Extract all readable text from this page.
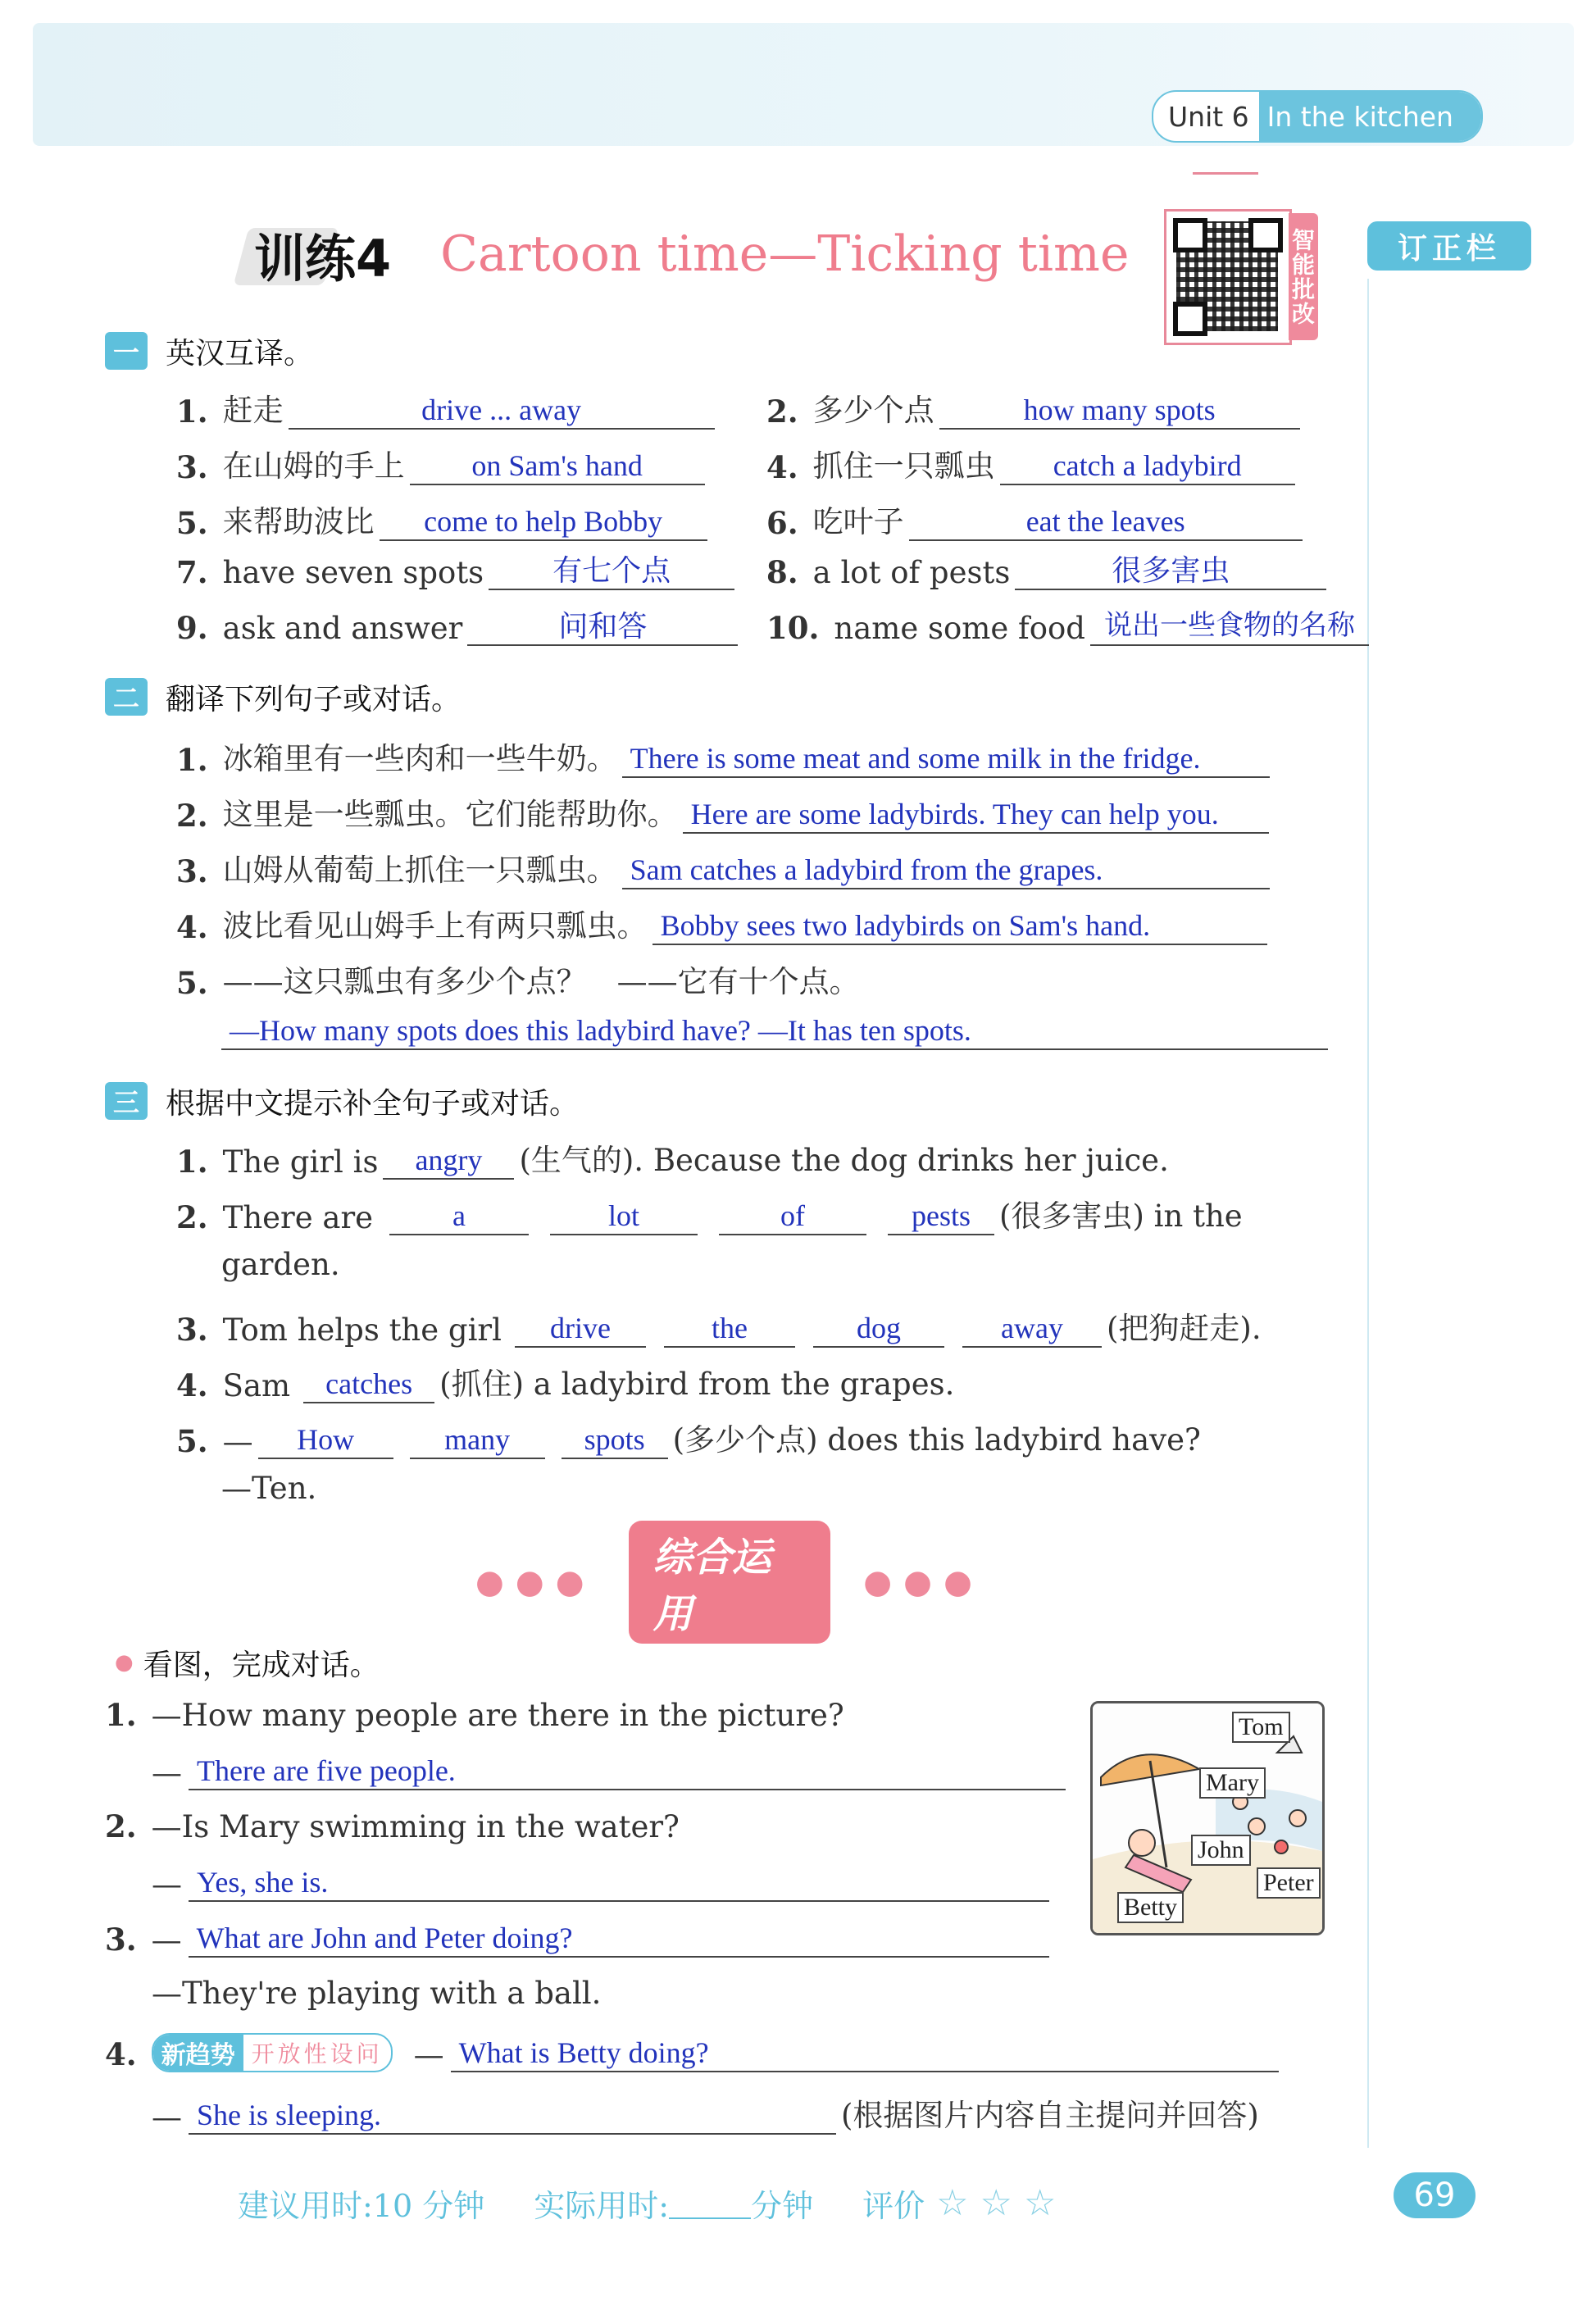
Unit 6 In the kitchen
训练4 Cartoon time—Ticking time	智能批改	订正栏
一 英汉互译。
1. 赶走	drive ... away	2. 多少个点	how many spots
3. 在山姆的手上	on Sam's hand	4. 抓住一只瓢虫	catch a ladybird
5. 来帮助波比	come to help Bobby	6. 吃叶子	eat the leaves
7. have seven spots	有七个点	8. a lot of pests	很多害虫
9. ask and answer	问和答	10. name some food 说出一些食物的名称
二 翻译下列句子或对话。
1. 冰箱里有一些肉和一些牛奶。 There is some meat and some milk in the fridge.
2. 这里是一些瓢虫。它们能帮助你。 Here are some ladybirds. They can help you.
3. 山姆从葡萄上抓住一只瓢虫。 Sam catches a ladybird from the grapes.
4. 波比看见山姆手上有两只瓢虫。 Bobby sees two ladybirds on Sam's hand.
5. ——这只瓢虫有多少个点？　——它有十个点。
—How many spots does this ladybird have? —It has ten spots.
三 根据中文提示补全句子或对话。
1. The girl is	angry	(生气的). Because the dog drinks her juice.
2. There are	a	lot	of	pests (很多害虫) in the
garden.
3. Tom helps the girl	drive	the	dog	away	(把狗赶走).
4. Sam	catches (抓住) a ladybird from the grapes.
5. —	How	many	spots (多少个点) does this ladybird have?
—Ten.
●●●
综合运用
●●●
● 看图，完成对话。
1. —How many people are there in the picture?
— There are five people.
2. —Is Mary swimming in the water?
— Yes, she is.
3. — What are John and Peter doing?
—They're playing with a ball.
4.	新趋势 开放性设问 — What is Betty doing?
— She is sleeping.	(根据图片内容自主提问并回答)
Tom
Mary
John
Peter
Betty
建议用时:10 分钟 实际用时:	分钟 评价 ☆ ☆ ☆	69
